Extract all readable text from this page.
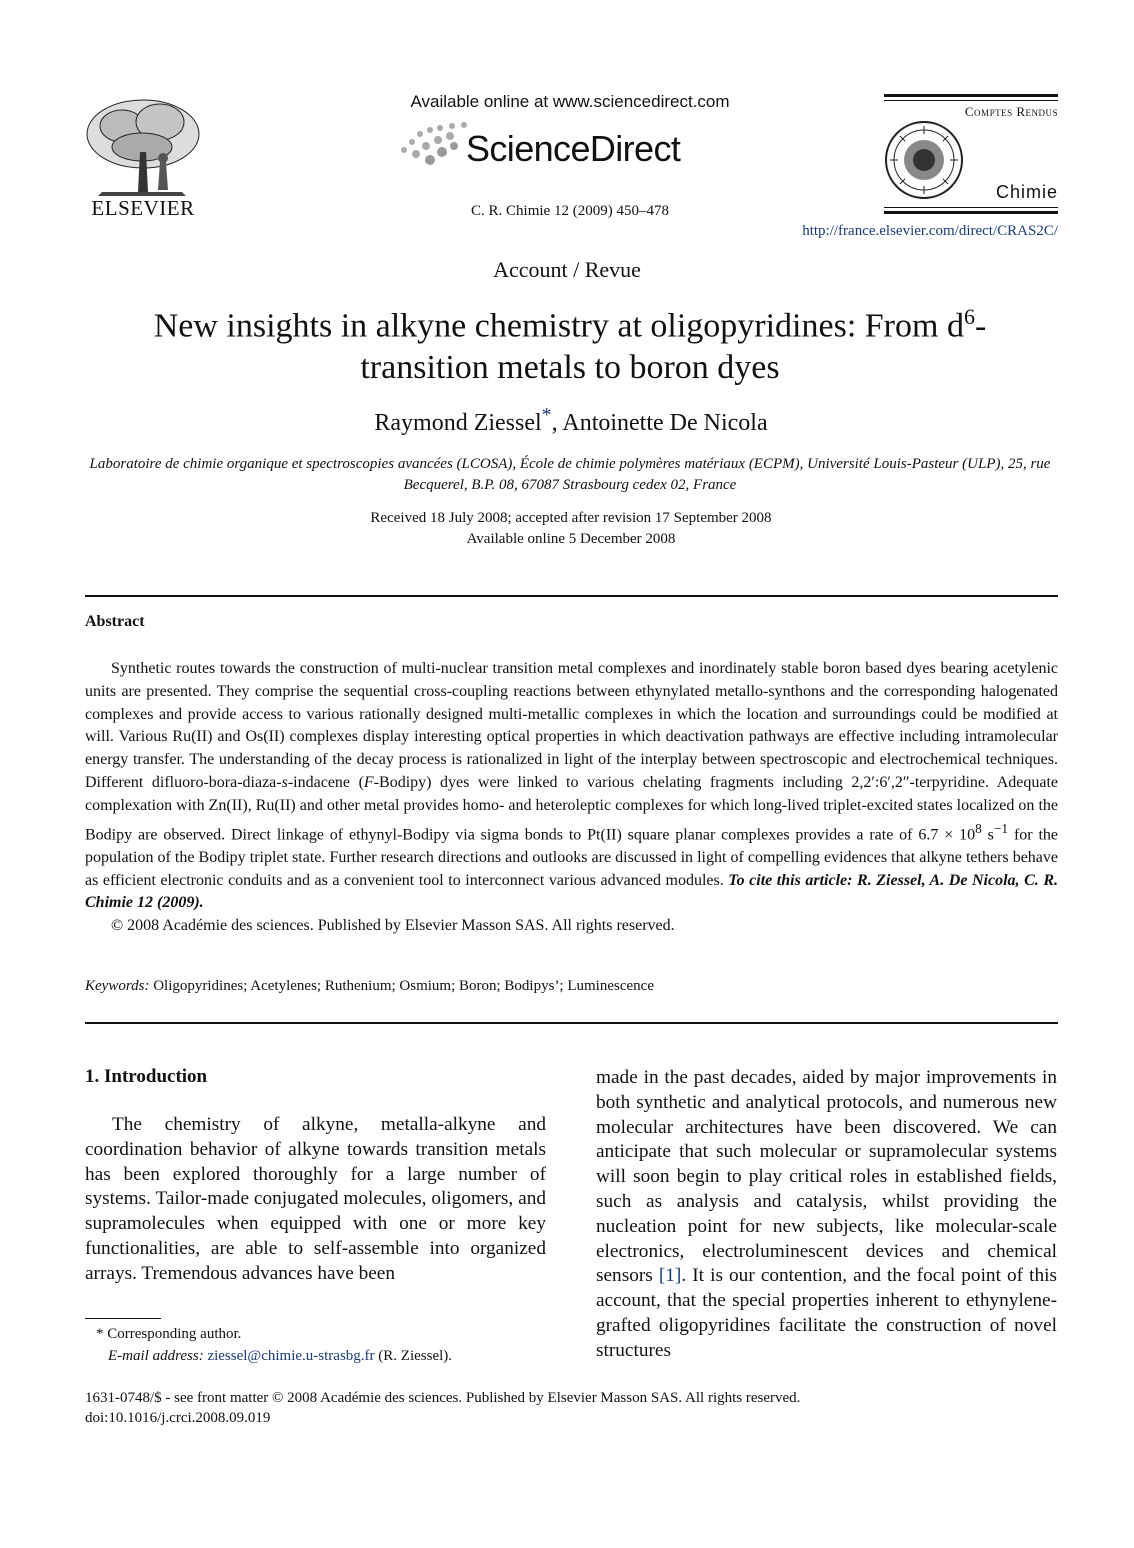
ELSEVIER
Available online at www.sciencedirect.com
ScienceDirect
C. R. Chimie 12 (2009) 450–478
Comptes Rendus
Chimie
http://france.elsevier.com/direct/CRAS2C/
Account / Revue
New insights in alkyne chemistry at oligopyridines: From $d^6$-transition metals to boron dyes
Raymond Ziessel*, Antoinette De Nicola
Laboratoire de chimie organique et spectroscopies avancées (LCOSA), École de chimie polymères matériaux (ECPM), Université Louis-Pasteur (ULP), 25, rue Becquerel, B.P. 08, 67087 Strasbourg cedex 02, France
Received 18 July 2008; accepted after revision 17 September 2008
Available online 5 December 2008
Abstract

Synthetic routes towards the construction of multi-nuclear transition metal complexes and inordinately stable boron based dyes bearing acetylenic units are presented. They comprise the sequential cross-coupling reactions between ethynylated metallo-synthons and the corresponding halogenated complexes and provide access to various rationally designed multi-metallic complexes in which the location and surroundings could be modified at will. Various Ru(II) and Os(II) complexes display interesting optical properties in which deactivation pathways are effective including intramolecular energy transfer. The understanding of the decay process is rationalized in light of the interplay between spectroscopic and electrochemical techniques. Different difluoro-bora-diaza-s-indacene (F-Bodipy) dyes were linked to various chelating fragments including 2,2′:6′,2″-terpyridine. Adequate complexation with Zn(II), Ru(II) and other metal provides homo- and heteroleptic complexes for which long-lived triplet-excited states localized on the Bodipy are observed. Direct linkage of ethynyl-Bodipy via sigma bonds to Pt(II) square planar complexes provides a rate of $6.7 \times 10^8$ $s^{-1}$ for the population of the Bodipy triplet state. Further research directions and outlooks are discussed in light of compelling evidences that alkyne tethers behave as efficient electronic conduits and as a convenient tool to interconnect various advanced modules. To cite this article: R. Ziessel, A. De Nicola, C. R. Chimie 12 (2009).

© 2008 Académie des sciences. Published by Elsevier Masson SAS. All rights reserved.

Keywords: Oligopyridines; Acetylenes; Ruthenium; Osmium; Boron; Bodipys’; Luminescence
1. Introduction
The chemistry of alkyne, metalla-alkyne and coordination behavior of alkyne towards transition metals has been explored thoroughly for a large number of systems. Tailor-made conjugated molecules, oligomers, and supramolecules when equipped with one or more key functionalities, are able to self-assemble into organized arrays. Tremendous advances have been
made in the past decades, aided by major improvements in both synthetic and analytical protocols, and numerous new molecular architectures have been discovered. We can anticipate that such molecular or supramolecular systems will soon begin to play critical roles in established fields, such as analysis and catalysis, whilst providing the nucleation point for new subjects, like molecular-scale electronics, electroluminescent devices and chemical sensors [1]. It is our contention, and the focal point of this account, that the special properties inherent to ethynylene-grafted oligopyridines facilitate the construction of novel structures
* Corresponding author.
E-mail address: ziessel@chimie.u-strasbg.fr (R. Ziessel).
1631-0748/$ - see front matter © 2008 Académie des sciences. Published by Elsevier Masson SAS. All rights reserved.
doi:10.1016/j.crci.2008.09.019
